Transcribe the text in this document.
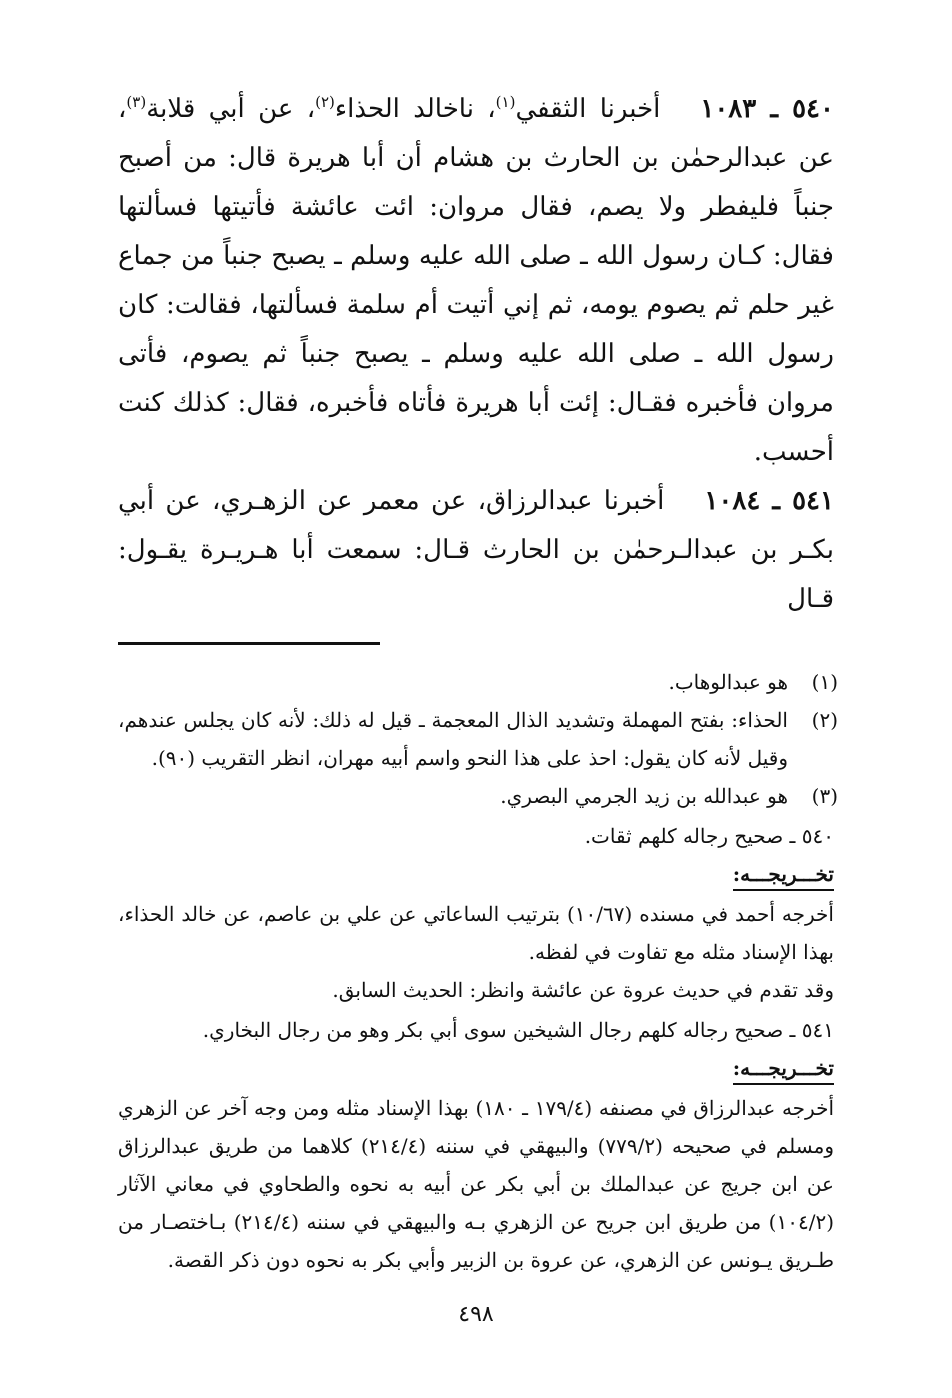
٥٤٠ ـ ١٠٨٣أخبرنا الثقفي$^{(١)}$، ناخالد الحذاء$^{(٢)}$، عن أبي قلابة$^{(٣)}$، عن عبدالرحمٰن بن الحارث بن هشام أن أبا هريرة قال: من أصبح جنباً فليفطر ولا يصم، فقال مروان: ائت عائشة فأتيتها فسألتها فقال: كـان رسول الله ـ صلى الله عليه وسلم ـ يصبح جنباً من جماع غير حلم ثم يصوم يومه، ثم إني أتيت أم سلمة فسألتها، فقالت: كان رسول الله ـ صلى الله عليه وسلم ـ يصبح جنباً ثم يصوم، فأتى مروان فأخبره فقـال: إئت أبا هريرة فأتاه فأخبره، فقال: كذلك كنت أحسب.

٥٤١ ـ ١٠٨٤أخبرنا عبدالرزاق، عن معمر عن الزهـري، عن أبي بكـر بن عبدالـرحمٰن بن الحارث قـال: سمعت أبا هـريـرة يقـول: قـال

(١)
هو عبدالوهاب.
(٢)
الحذاء: بفتح المهملة وتشديد الذال المعجمة ـ قيل له ذلك: لأنه كان يجلس عندهم، وقيل لأنه كان يقول: احذ على هذا النحو واسم أبيه مهران، انظر التقريب (٩٠).
(٣)
هو عبدالله بن زيد الجرمي البصري.

٥٤٠ ـ صحيح رجاله كلهم ثقات.

تخـــريجـــه:

أخرجه أحمد في مسنده (١٠/٦٧) بترتيب الساعاتي عن علي بن عاصم، عن خالد الحذاء، بهذا الإسناد مثله مع تفاوت في لفظه.

وقد تقدم في حديث عروة عن عائشة وانظر: الحديث السابق.

٥٤١ ـ صحيح رجاله كلهم رجال الشيخين سوى أبي بكر وهو من رجال البخاري.

تخـــريجـــه:

أخرجه عبدالرزاق في مصنفه (١٧٩/٤ ـ ١٨٠) بهذا الإسناد مثله ومن وجه آخر عن الزهري ومسلم في صحيحه (٧٧٩/٢) والبيهقي في سننه (٢١٤/٤) كلاهما من طريق عبدالرزاق عن ابن جريج عن عبدالملك بن أبي بكر عن أبيه به نحوه والطحاوي في معاني الآثار (١٠٤/٢) من طريق ابن جريح عن الزهري بـه والبيهقي في سننه (٢١٤/٤) بـاختصـار من طـريق يـونس عن الزهري، عن عروة بن الزبير وأبي بكر به نحوه دون ذكر القصة.

٤٩٨
